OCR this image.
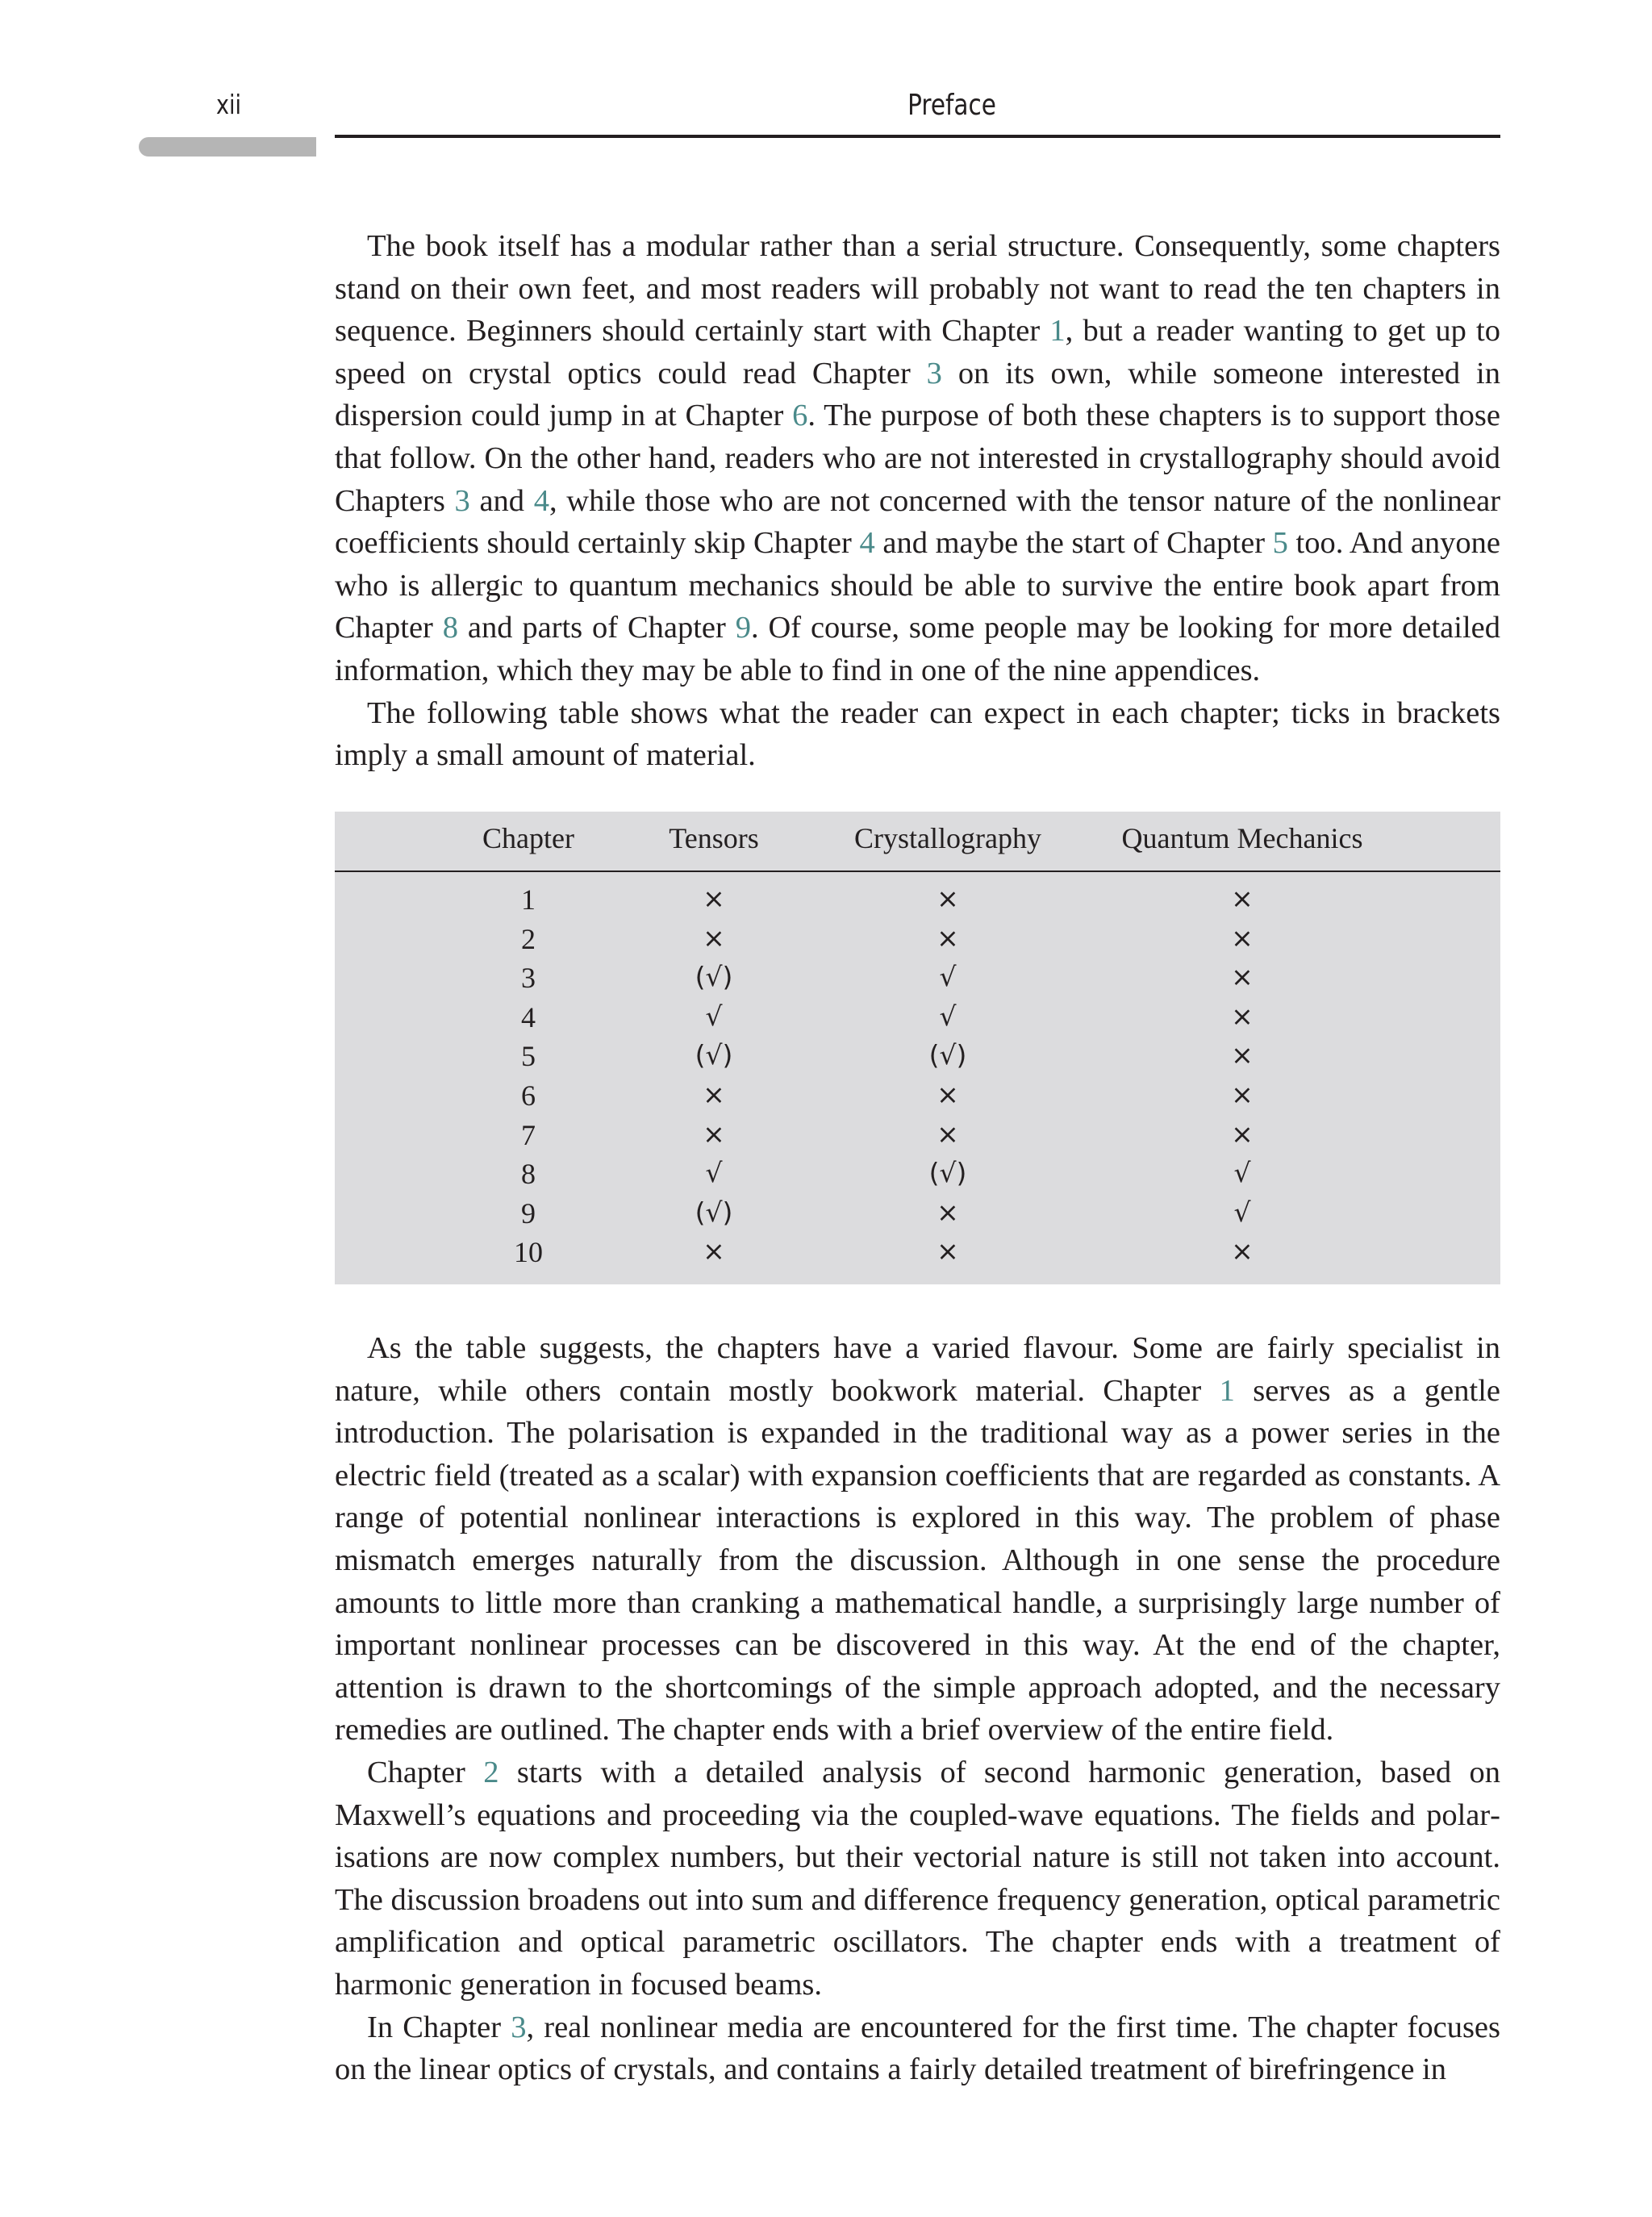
xii	Preface

The book itself has a modular rather than a serial structure. Consequently, some chapters stand on their own feet, and most readers will probably not want to read the ten chapters in sequence. Beginners should certainly start with Chapter 1, but a reader wanting to get up to speed on crystal optics could read Chapter 3 on its own, while someone interested in dispersion could jump in at Chapter 6. The purpose of both these chapters is to support those that follow. On the other hand, readers who are not interested in crystallography should avoid Chapters 3 and 4, while those who are not concerned with the tensor nature of the nonlinear coefficients should certainly skip Chapter 4 and maybe the start of Chapter 5 too. And anyone who is allergic to quantum mechanics should be able to survive the entire book apart from Chapter 8 and parts of Chapter 9. Of course, some people may be looking for more detailed information, which they may be able to find in one of the nine appendices.

The following table shows what the reader can expect in each chapter; ticks in brackets imply a small amount of material.

Chapter	Tensors	Crystallography	Quantum Mechanics
1	×	×	×
2	×	×	×
3	(√)	√	×
4	√	√	×
5	(√)	(√)	×
6	×	×	×
7	×	×	×
8	√	(√)	√
9	(√)	×	√
10	×	×	×

As the table suggests, the chapters have a varied flavour. Some are fairly specialist in nature, while others contain mostly bookwork material. Chapter 1 serves as a gentle introduction. The polarisation is expanded in the traditional way as a power series in the electric field (treated as a scalar) with expansion coefficients that are regarded as constants. A range of potential nonlinear interactions is explored in this way. The problem of phase mismatch emerges naturally from the discussion. Although in one sense the procedure amounts to little more than cranking a mathematical handle, a surprisingly large number of important nonlinear processes can be discovered in this way. At the end of the chapter, attention is drawn to the shortcomings of the simple approach adopted, and the necessary remedies are outlined. The chapter ends with a brief overview of the entire field.

Chapter 2 starts with a detailed analysis of second harmonic generation, based on Maxwell’s equations and proceeding via the coupled-wave equations. The fields and polarisations are now complex numbers, but their vectorial nature is still not taken into account. The discussion broadens out into sum and difference frequency generation, optical parametric amplification and optical parametric oscillators. The chapter ends with a treatment of harmonic generation in focused beams.

In Chapter 3, real nonlinear media are encountered for the first time. The chapter focuses on the linear optics of crystals, and contains a fairly detailed treatment of birefringence in
